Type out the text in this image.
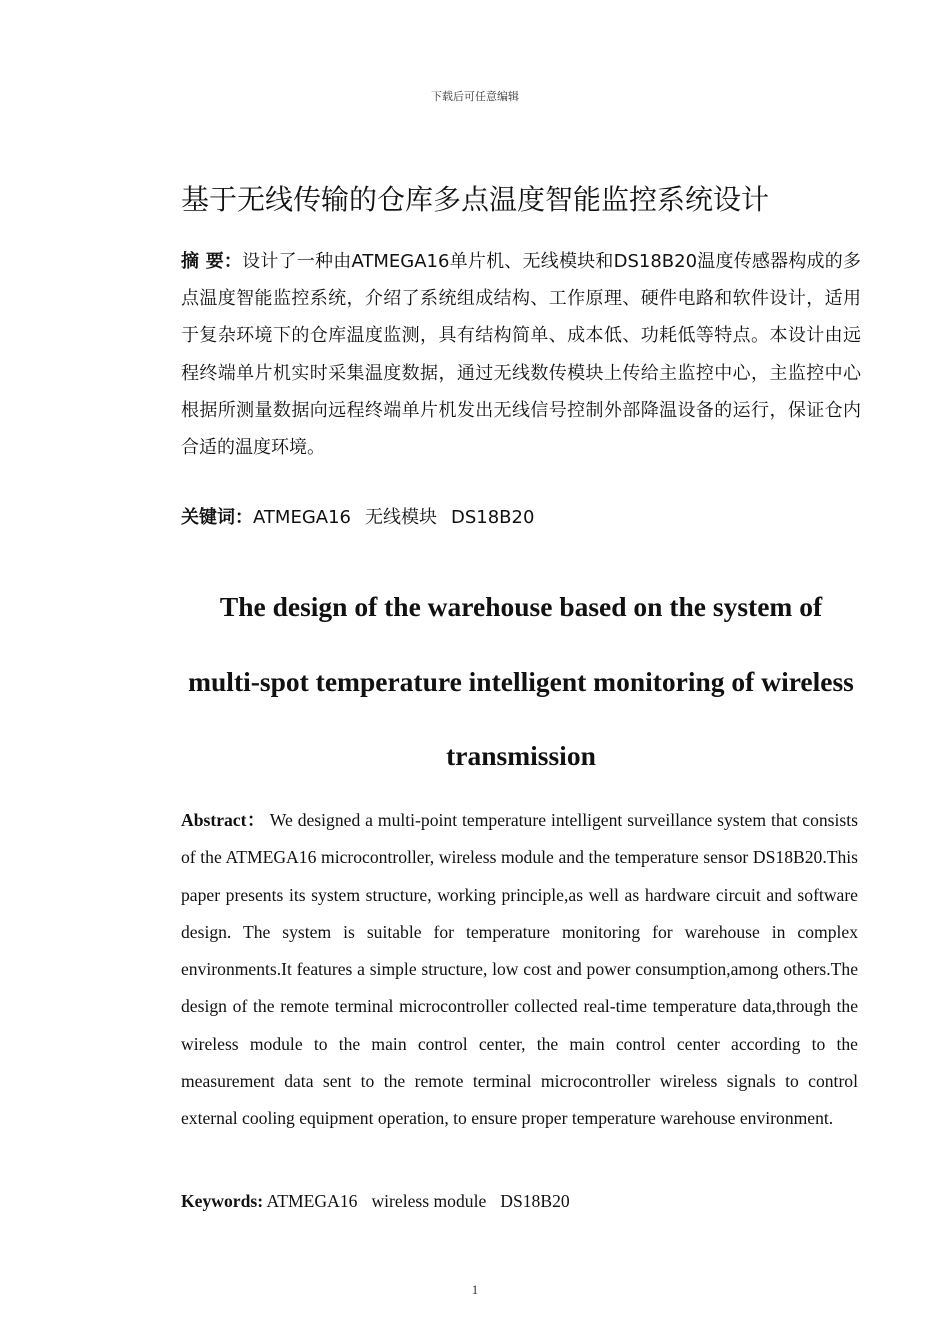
下载后可任意编辑
基于无线传输的仓库多点温度智能监控系统设计

摘 要：设计了一种由ATMEGA16单片机、无线模块和DS18B20温度传感器构成的多点温度智能监控系统，介绍了系统组成结构、工作原理、硬件电路和软件设计，适用于复杂环境下的仓库温度监测，具有结构简单、成本低、功耗低等特点。本设计由远程终端单片机实时采集温度数据，通过无线数传模块上传给主监控中心，主监控中心根据所测量数据向远程终端单片机发出无线信号控制外部降温设备的运行，保证仓内合适的温度环境。

关键词：ATMEGA16 无线模块 DS18B20

The design of the warehouse based on the system of multi-spot temperature intelligent monitoring of wireless transmission

Abstract： We designed a multi-point temperature intelligent surveillance system that consists of the ATMEGA16 microcontroller, wireless module and the temperature sensor DS18B20.This paper presents its system structure, working principle,as well as hardware circuit and software design. The system is suitable for temperature monitoring for warehouse in complex environments.It features a simple structure, low cost and power consumption,among others.The design of the remote terminal microcontroller collected real-time temperature data,through the wireless module to the main control center, the main control center according to the measurement data sent to the remote terminal microcontroller wireless signals to control external cooling equipment operation, to ensure proper temperature warehouse environment.

Keywords: ATMEGA16 wireless module DS18B20

1
